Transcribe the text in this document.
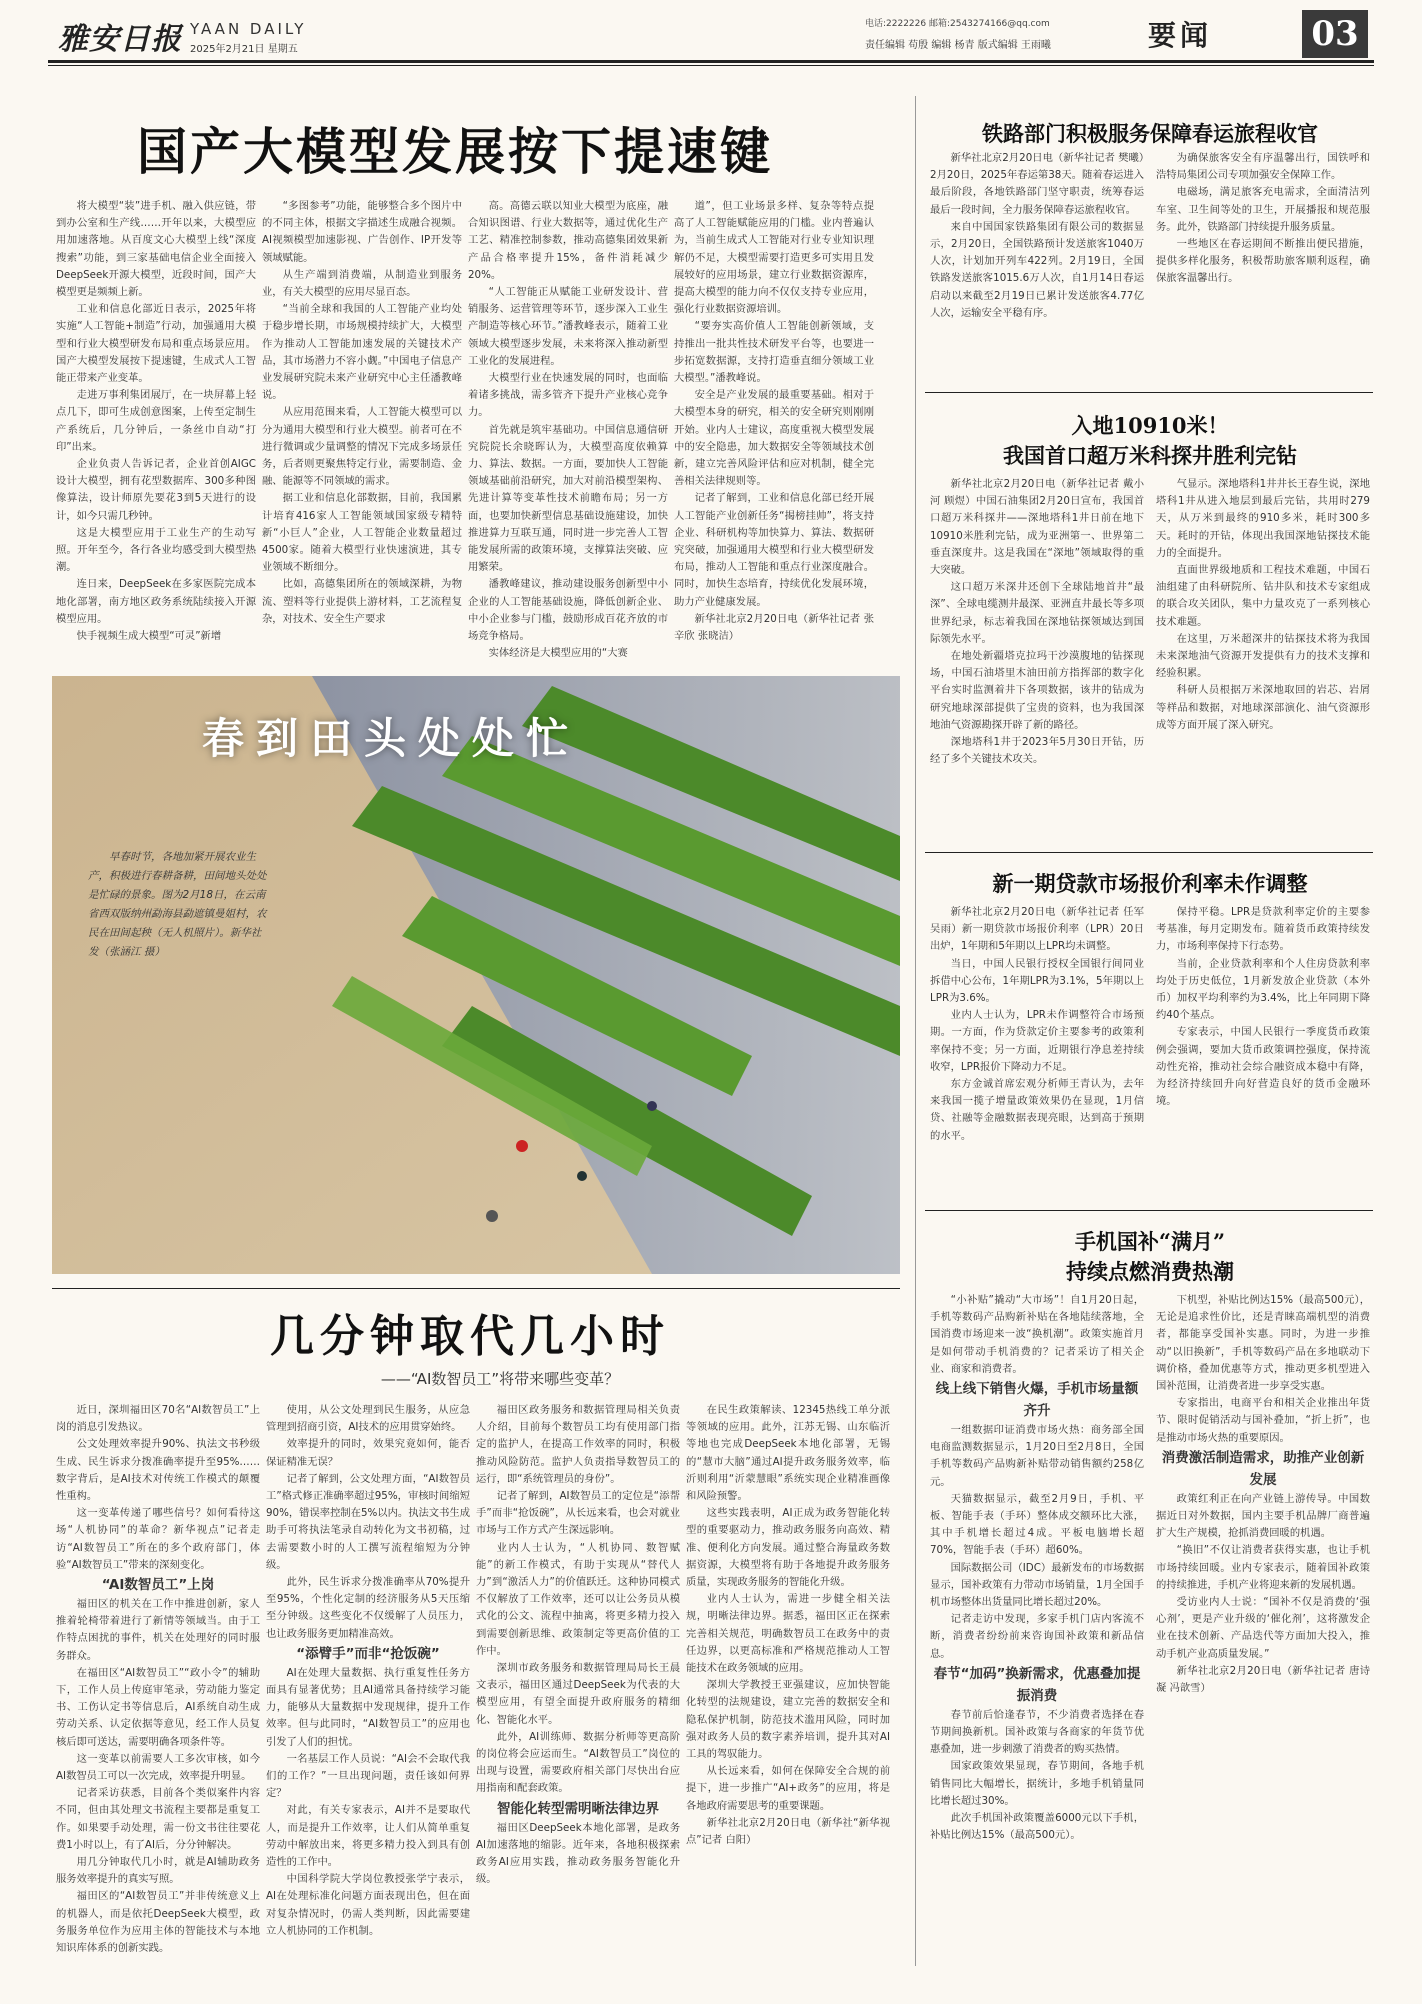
雅安日报 YAAN DAILY
2025年2月21日 星期五
电话:2222226 邮箱:2543274166@qq.com
责任编辑 苟殷 编辑 杨青 版式编辑 王雨曦	要闻	03
国产大模型发展按下提速键

将大模型“装”进手机、融入供应链，带到办公室和生产线……开年以来，大模型应用加速落地。从百度文心大模型上线“深度搜索”功能，到三家基础电信企业全面接入DeepSeek开源大模型，近段时间，国产大模型更是频频上新。

工业和信息化部近日表示，2025年将实施“人工智能+制造”行动，加强通用大模型和行业大模型研发布局和重点场景应用。国产大模型发展按下提速键，生成式人工智能正带来产业变革。

走进万事利集团展厅，在一块屏幕上轻点几下，即可生成创意图案，上传至定制生产系统后，几分钟后，一条丝巾自动“打印”出来。

企业负责人告诉记者，企业首创AIGC设计大模型，拥有花型数据库、300多种图像算法，设计师原先要花3到5天进行的设计，如今只需几秒钟。

这是大模型应用于工业生产的生动写照。开年至今，各行各业均感受到大模型热潮。

连日来，DeepSeek在多家医院完成本地化部署，南方地区政务系统陆续接入开源模型应用。

快手视频生成大模型“可灵”新增

“多图参考”功能，能够整合多个图片中的不同主体，根据文字描述生成融合视频。AI视频模型加速影视、广告创作、IP开发等领域赋能。

从生产端到消费端，从制造业到服务业，有关大模型的应用尽显百态。

“当前全球和我国的人工智能产业均处于稳步增长期，市场规模持续扩大，大模型作为推动人工智能加速发展的关键技术产品，其市场潜力不容小觑。”中国电子信息产业发展研究院未来产业研究中心主任潘教峰说。

从应用范围来看，人工智能大模型可以分为通用大模型和行业大模型。前者可在不进行微调或少量调整的情况下完成多场景任务，后者则更聚焦特定行业，需要制造、金融、能源等不同领域的需求。

据工业和信息化部数据，目前，我国累计培育416家人工智能领域国家级专精特新“小巨人”企业，人工智能企业数量超过4500家。随着大模型行业快速演进，其专业领域不断细分。

比如，高德集团所在的领域深耕，为物流、塑料等行业提供上游材料，工艺流程复杂，对技术、安全生产要求

高。高德云联以知业大模型为底座，融合知识图谱、行业大数据等，通过优化生产工艺、精准控制参数，推动高德集团效果新产品合格率提升15%，备件消耗减少20%。

“人工智能正从赋能工业研发设计、营销服务、运营管理等环节，逐步深入工业生产制造等核心环节。”潘教峰表示，随着工业领域大模型逐步发展，未来将深入推动新型工业化的发展进程。

大模型行业在快速发展的同时，也面临着诸多挑战，需多管齐下提升产业核心竞争力。

首先就是筑牢基础功。中国信息通信研究院院长余晓晖认为，大模型高度依赖算力、算法、数据。一方面，要加快人工智能领域基础前沿研究，加大对前沿模型架构、先进计算等变革性技术前瞻布局；另一方面，也要加快新型信息基础设施建设，加快推进算力互联互通，同时进一步完善人工智能发展所需的政策环境，支撑算法突破、应用繁荣。

潘教峰建议，推动建设服务创新型中小企业的人工智能基础设施，降低创新企业、中小企业参与门槛，鼓励形成百花齐放的市场竞争格局。

实体经济是大模型应用的“大赛

道”，但工业场景多样、复杂等特点提高了人工智能赋能应用的门槛。业内普遍认为，当前生成式人工智能对行业专业知识理解仍不足，大模型需要打造更多可实用且发展较好的应用场景，建立行业数据资源库，提高大模型的能力向不仅仅支持专业应用，强化行业数据资源培训。

“要夯实高价值人工智能创新领域，支持推出一批共性技术研发平台等，也要进一步拓宽数据源，支持打造垂直细分领域工业大模型。”潘教峰说。

安全是产业发展的最重要基础。相对于大模型本身的研究，相关的安全研究则刚刚开始。业内人士建议，高度重视大模型发展中的安全隐患，加大数据安全等领域技术创新，建立完善风险评估和应对机制，健全完善相关法律规则等。

记者了解到，工业和信息化部已经开展人工智能产业创新任务“揭榜挂帅”，将支持企业、科研机构等加快算力、算法、数据研究突破，加强通用大模型和行业大模型研发布局，推动人工智能和重点行业深度融合。同时，加快生态培育，持续优化发展环境，助力产业健康发展。

新华社北京2月20日电（新华社记者 张辛欣 张晓洁）

春到田头处处忙
早春时节，各地加紧开展农业生产，积极进行春耕备耕，田间地头处处是忙碌的景象。图为2月18日，在云南省西双版纳州勐海县勐遮镇曼姐村，农民在田间起秧（无人机照片）。新华社发（张涵江 摄）
几分钟取代几小时
——“AI数智员工”将带来哪些变革？

近日，深圳福田区70名“AI数智员工”上岗的消息引发热议。

公文处理效率提升90%、执法文书秒级生成、民生诉求分拨准确率提升至95%……数字背后，是AI技术对传统工作模式的颠覆性重构。

这一变革传递了哪些信号？如何看待这场“人机协同”的革命？新华视点”记者走访“AI数智员工”所在的多个政府部门，体验“AI数智员工”带来的深刻变化。

“AI数智员工”上岗

福田区的机关在工作中推进创新，家人推着轮椅带着进行了新情等领域当。由于工作特点困扰的事件，机关在处理好的同时服务群众。

在福田区“AI数智员工”“政小令”的辅助下，工作人员上传庭审笔录，劳动能力鉴定书、工伤认定书等信息后，AI系统自动生成劳动关系、认定依据等意见，经工作人员复核后即可送达，需要明确各项条件等。

这一变革以前需要人工多次审核，如今AI数智员工可以一次完成，效率提升明显。

记者采访获悉，目前各个类似案件内容不同，但由其处理文书流程主要都是重复工作。如果要手动处理，需一份文书往往要花费1小时以上，有了AI后，分分钟解决。

用几分钟取代几小时，就是AI辅助政务服务效率提升的真实写照。

福田区的“AI数智员工”并非传统意义上的机器人，而是依托DeepSeek大模型，政务服务单位作为应用主体的智能技术与本地知识库体系的创新实践。

使用，从公文处理到民生服务，从应急管理到招商引资，AI技术的应用贯穿始终。

效率提升的同时，效果究竟如何，能否保证精准无误？

记者了解到，公文处理方面，“AI数智员工”格式修正准确率超过95%，审核时间缩短90%，错误率控制在5%以内。执法文书生成助手可将执法笔录自动转化为文书初稿，过去需要数小时的人工撰写流程缩短为分钟级。

此外，民生诉求分拨准确率从70%提升至95%，个性化定制的经济服务从5天压缩至分钟级。这些变化不仅缓解了人员压力，也让政务服务更加精准高效。

“添臂手”而非“抢饭碗”

AI在处理大量数据、执行重复性任务方面具有显著优势；且AI通常具备持续学习能力，能够从大量数据中发现规律，提升工作效率。但与此同时，“AI数智员工”的应用也引发了人们的担忧。

一名基层工作人员说：“AI会不会取代我们的工作？”一旦出现问题，责任该如何界定？

对此，有关专家表示，AI并不是要取代人，而是提升工作效率，让人们从简单重复劳动中解放出来，将更多精力投入到具有创造性的工作中。

中国科学院大学岗位教授张学宁表示，AI在处理标准化问题方面表现出色，但在面对复杂情况时，仍需人类判断，因此需要建立人机协同的工作机制。

福田区政务服务和数据管理局相关负责人介绍，目前每个数智员工均有使用部门指定的监护人，在提高工作效率的同时，积极推动风险防范。监护人负责指导数智员工的运行，即“系统管理员的身份”。

记者了解到，AI数智员工的定位是“添帮手”而非“抢饭碗”，从长远来看，也会对就业市场与工作方式产生深远影响。

业内人士认为，“人机协同、数智赋能”的新工作模式，有助于实现从“替代人力”到“激活人力”的价值跃迁。这种协同模式不仅解放了工作效率，还可以让公务员从模式化的公文、流程中抽离，将更多精力投入到需要创新思维、政策制定等更高价值的工作中。

深圳市政务服务和数据管理局局长王晨文表示，福田区通过DeepSeek为代表的大模型应用，有望全面提升政府服务的精细化、智能化水平。

此外，AI训练师、数据分析师等更高阶的岗位将会应运而生。“AI数智员工”岗位的出现与设置，需要政府相关部门尽快出台应用指南和配套政策。

智能化转型需明晰法律边界

福田区DeepSeek本地化部署，是政务AI加速落地的缩影。近年来，各地积极探索政务AI应用实践，推动政务服务智能化升级。

在民生政策解读、12345热线工单分派等领域的应用。此外，江苏无锡、山东临沂等地也完成DeepSeek本地化部署，无锡的“慧市大脑”通过AI提升政务服务效率，临沂则利用“沂蒙慧眼”系统实现企业精准画像和风险预警。

这些实践表明，AI正成为政务智能化转型的重要驱动力，推动政务服务向高效、精准、便利化方向发展。通过整合海量政务数据资源，大模型将有助于各地提升政务服务质量，实现政务服务的智能化升级。

业内人士认为，需进一步健全相关法规，明晰法律边界。据悉，福田区正在探索完善相关规范，明确数智员工在政务中的责任边界，以更高标准和严格规范推动人工智能技术在政务领域的应用。

深圳大学教授王亚强建议，应加快智能化转型的法规建设，建立完善的数据安全和隐私保护机制，防范技术滥用风险，同时加强对政务人员的数字素养培训，提升其对AI工具的驾驭能力。

从长远来看，如何在保障安全合规的前提下，进一步推广“AI+政务”的应用，将是各地政府需要思考的重要课题。

新华社北京2月20日电（新华社“新华视点”记者 白阳）

铁路部门积极服务保障春运旅程收官

新华社北京2月20日电（新华社记者 樊曦）2月20日，2025年春运第38天。随着春运进入最后阶段，各地铁路部门坚守职责，统筹春运最后一段时间，全力服务保障春运旅程收官。

来自中国国家铁路集团有限公司的数据显示，2月20日，全国铁路预计发送旅客1040万人次，计划加开列车422列。2月19日，全国铁路发送旅客1015.6万人次，自1月14日春运启动以来截至2月19日已累计发送旅客4.77亿人次，运输安全平稳有序。

为确保旅客安全有序温馨出行，国铁呼和浩特局集团公司专项加强安全保障工作。

电磁场，满足旅客充电需求，全面清洁列车室、卫生间等处的卫生，开展播报和规范服务。此外，铁路部门持续提升服务质量。

一些地区在春运期间不断推出便民措施，提供多样化服务，积极帮助旅客顺利返程，确保旅客温馨出行。

入地10910米！
我国首口超万米科探井胜利完钻

新华社北京2月20日电（新华社记者 戴小河 顾煜）中国石油集团2月20日宣布，我国首口超万米科探井——深地塔科1井日前在地下10910米胜利完钻，成为亚洲第一、世界第二垂直深度井。这是我国在“深地”领域取得的重大突破。

这口超万米深井还创下全球陆地首井“最深”、全球电缆测井最深、亚洲直井最长等多项世界纪录，标志着我国在深地钻探领域达到国际领先水平。

在地处新疆塔克拉玛干沙漠腹地的钻探现场，中国石油塔里木油田前方指挥部的数字化平台实时监测着井下各项数据，该井的钻成为研究地球深部提供了宝贵的资料，也为我国深地油气资源勘探开辟了新的路径。

深地塔科1井于2023年5月30日开钻，历经了多个关键技术攻关。

气显示。深地塔科1井井长王春生说，深地塔科1井从进入地层到最后完钻，共用时279天，从万米到最终的910多米，耗时300多天。耗时的开钻，体现出我国深地钻探技术能力的全面提升。

直面世界级地质和工程技术难题，中国石油组建了由科研院所、钻井队和技术专家组成的联合攻关团队，集中力量攻克了一系列核心技术难题。

在这里，万米超深井的钻探技术将为我国未来深地油气资源开发提供有力的技术支撑和经验积累。

科研人员根据万米深地取回的岩芯、岩屑等样品和数据，对地球深部演化、油气资源形成等方面开展了深入研究。

新一期贷款市场报价利率未作调整

新华社北京2月20日电（新华社记者 任军 吴雨）新一期贷款市场报价利率（LPR）20日出炉，1年期和5年期以上LPR均未调整。

当日，中国人民银行授权全国银行间同业拆借中心公布，1年期LPR为3.1%，5年期以上LPR为3.6%。

业内人士认为，LPR未作调整符合市场预期。一方面，作为贷款定价主要参考的政策利率保持不变；另一方面，近期银行净息差持续收窄，LPR报价下降动力不足。

东方金诚首席宏观分析师王青认为，去年来我国一揽子增量政策效果仍在显现，1月信贷、社融等金融数据表现亮眼，达到高于预期的水平。

保持平稳。LPR是贷款利率定价的主要参考基准，每月定期发布。随着货币政策持续发力，市场利率保持下行态势。

当前，企业贷款利率和个人住房贷款利率均处于历史低位，1月新发放企业贷款（本外币）加权平均利率约为3.4%，比上年同期下降约40个基点。

专家表示，中国人民银行一季度货币政策例会强调，要加大货币政策调控强度，保持流动性充裕，推动社会综合融资成本稳中有降，为经济持续回升向好营造良好的货币金融环境。

手机国补“满月”
持续点燃消费热潮

“小补贴”撬动“大市场”！自1月20日起，手机等数码产品购新补贴在各地陆续落地，全国消费市场迎来一波“换机潮”。政策实施首月是如何带动手机消费的？记者采访了相关企业、商家和消费者。

线上线下销售火爆，手机市场量额齐升

一组数据印证消费市场火热：商务部全国电商监测数据显示，1月20日至2月8日，全国手机等数码产品购新补贴带动销售额约258亿元。

天猫数据显示，截至2月9日，手机、平板、智能手表（手环）整体成交额环比大涨，其中手机增长超过4成。平板电脑增长超70%，智能手表（手环）超60%。

国际数据公司（IDC）最新发布的市场数据显示，国补政策有力带动市场销量，1月全国手机市场整体出货量同比增长超过20%。

记者走访中发现，多家手机门店内客流不断，消费者纷纷前来咨询国补政策和新品信息。

春节“加码”换新需求，优惠叠加提振消费

春节前后恰逢春节，不少消费者选择在春节期间换新机。国补政策与各商家的年货节优惠叠加，进一步刺激了消费者的购买热情。

国家政策效果显现，春节期间，各地手机销售同比大幅增长，据统计，多地手机销量同比增长超过30%。

此次手机国补政策覆盖6000元以下手机，补贴比例达15%（最高500元）。

下机型，补贴比例达15%（最高500元），无论是追求性价比，还是青睐高端机型的消费者，都能享受国补实惠。同时，为进一步推动“以旧换新”，手机等数码产品在多地联动下调价格，叠加优惠等方式，推动更多机型进入国补范围，让消费者进一步享受实惠。

专家指出，电商平台和相关企业推出年货节、限时促销活动与国补叠加，“折上折”，也是推动市场火热的重要原因。

消费激活制造需求，助推产业创新发展

政策红利正在向产业链上游传导。中国数据近日对外数据，国内主要手机品牌厂商普遍扩大生产规模，抢抓消费回暖的机遇。

“换旧”不仅让消费者获得实惠，也让手机市场持续回暖。业内专家表示，随着国补政策的持续推进，手机产业将迎来新的发展机遇。

受访业内人士说：“国补不仅是消费的‘强心剂’，更是产业升级的‘催化剂’，这将激发企业在技术创新、产品迭代等方面加大投入，推动手机产业高质量发展。”

新华社北京2月20日电（新华社记者 唐诗凝 冯歆雪）
